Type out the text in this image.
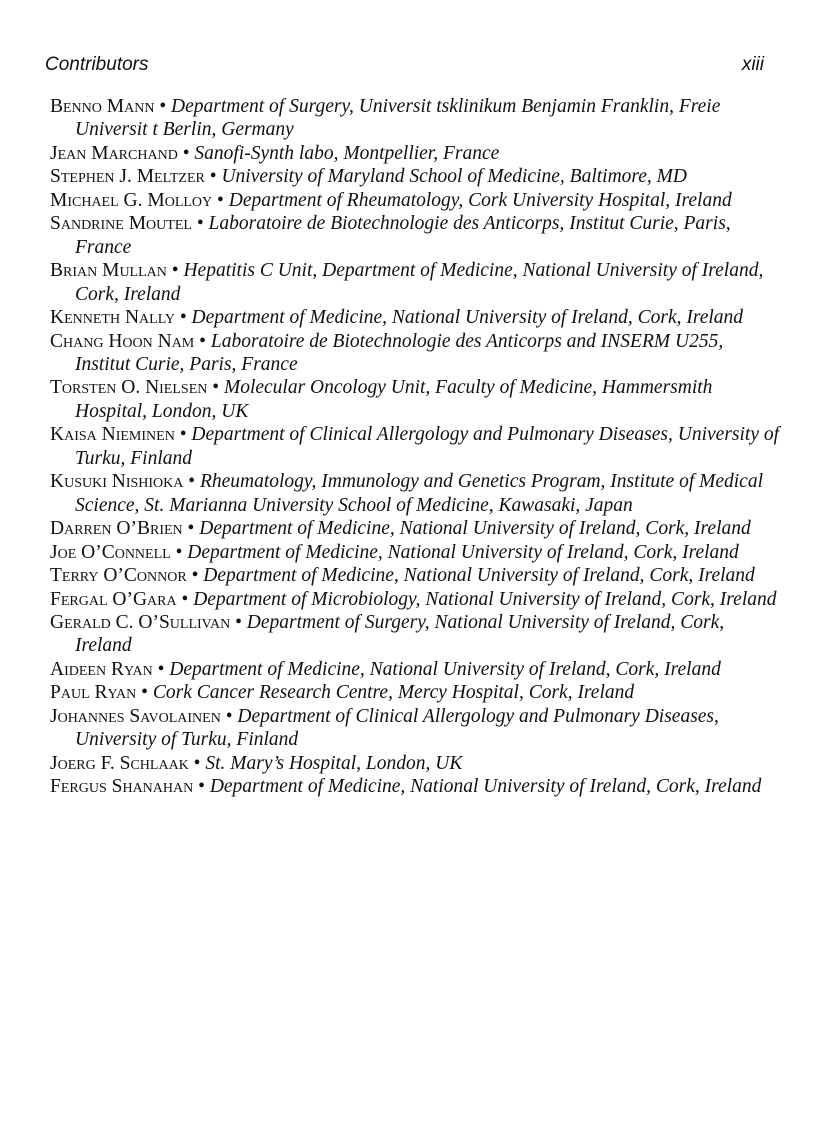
Contributors	xiii
Benno Mann • Department of Surgery, Universit tsklinikum Benjamin Franklin, Freie Universit t Berlin, Germany
Jean Marchand • Sanofi-Synth labo, Montpellier, France
Stephen J. Meltzer • University of Maryland School of Medicine, Baltimore, MD
Michael G. Molloy • Department of Rheumatology, Cork University Hospital, Ireland
Sandrine Moutel • Laboratoire de Biotechnologie des Anticorps, Institut Curie, Paris, France
Brian Mullan • Hepatitis C Unit, Department of Medicine, National University of Ireland, Cork, Ireland
Kenneth Nally • Department of Medicine, National University of Ireland, Cork, Ireland
Chang Hoon Nam • Laboratoire de Biotechnologie des Anticorps and INSERM U255, Institut Curie, Paris, France
Torsten O. Nielsen • Molecular Oncology Unit, Faculty of Medicine, Hammersmith Hospital, London, UK
Kaisa Nieminen • Department of Clinical Allergology and Pulmonary Diseases, University of Turku, Finland
Kusuki Nishioka • Rheumatology, Immunology and Genetics Program, Institute of Medical Science, St. Marianna University School of Medicine, Kawasaki, Japan
Darren O’Brien • Department of Medicine, National University of Ireland, Cork, Ireland
Joe O’Connell • Department of Medicine, National University of Ireland, Cork, Ireland
Terry O’Connor • Department of Medicine, National University of Ireland, Cork, Ireland
Fergal O’Gara • Department of Microbiology, National University of Ireland, Cork, Ireland
Gerald C. O’Sullivan • Department of Surgery, National University of Ireland, Cork, Ireland
Aideen Ryan • Department of Medicine, National University of Ireland, Cork, Ireland
Paul Ryan • Cork Cancer Research Centre, Mercy Hospital, Cork, Ireland
Johannes Savolainen • Department of Clinical Allergology and Pulmonary Diseases, University of Turku, Finland
Joerg F. Schlaak • St. Mary’s Hospital, London, UK
Fergus Shanahan • Department of Medicine, National University of Ireland, Cork, Ireland
